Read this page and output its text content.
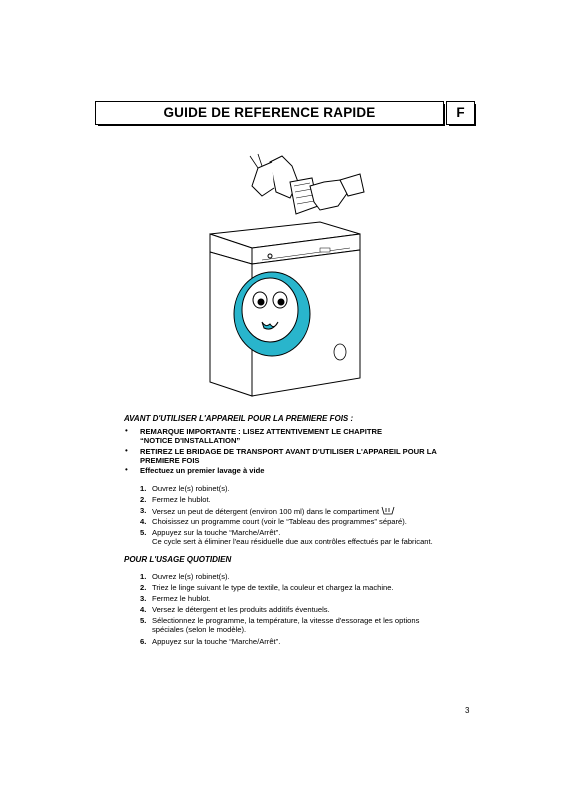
GUIDE DE REFERENCE RAPIDE	F
AVANT D'UTILISER L'APPAREIL POUR LA PREMIERE FOIS :
• REMARQUE IMPORTANTE : LISEZ ATTENTIVEMENT LE CHAPITRE
“NOTICE D'INSTALLATION”
• RETIREZ LE BRIDAGE DE TRANSPORT AVANT D'UTILISER L'APPAREIL POUR LA
PREMIERE FOIS
• Effectuez un premier lavage à vide
1. Ouvrez le(s) robinet(s).
2. Fermez le hublot.
3. Versez un peut de détergent (environ 100 ml) dans le compartiment
4. Choisissez un programme court (voir le “Tableau des programmes” séparé).
5. Appuyez sur la touche “Marche/Arrêt”.
Ce cycle sert à éliminer l'eau résiduelle due aux contrôles effectués par le fabricant.
POUR L'USAGE QUOTIDIEN
1. Ouvrez le(s) robinet(s).
2. Triez le linge suivant le type de textile, la couleur et chargez la machine.
3. Fermez le hublot.
4. Versez le détergent et les produits additifs éventuels.
5. Sélectionnez le programme, la température, la vitesse d'essorage et les options
spéciales (selon le modèle).
6. Appuyez sur la touche “Marche/Arrêt”.
3
